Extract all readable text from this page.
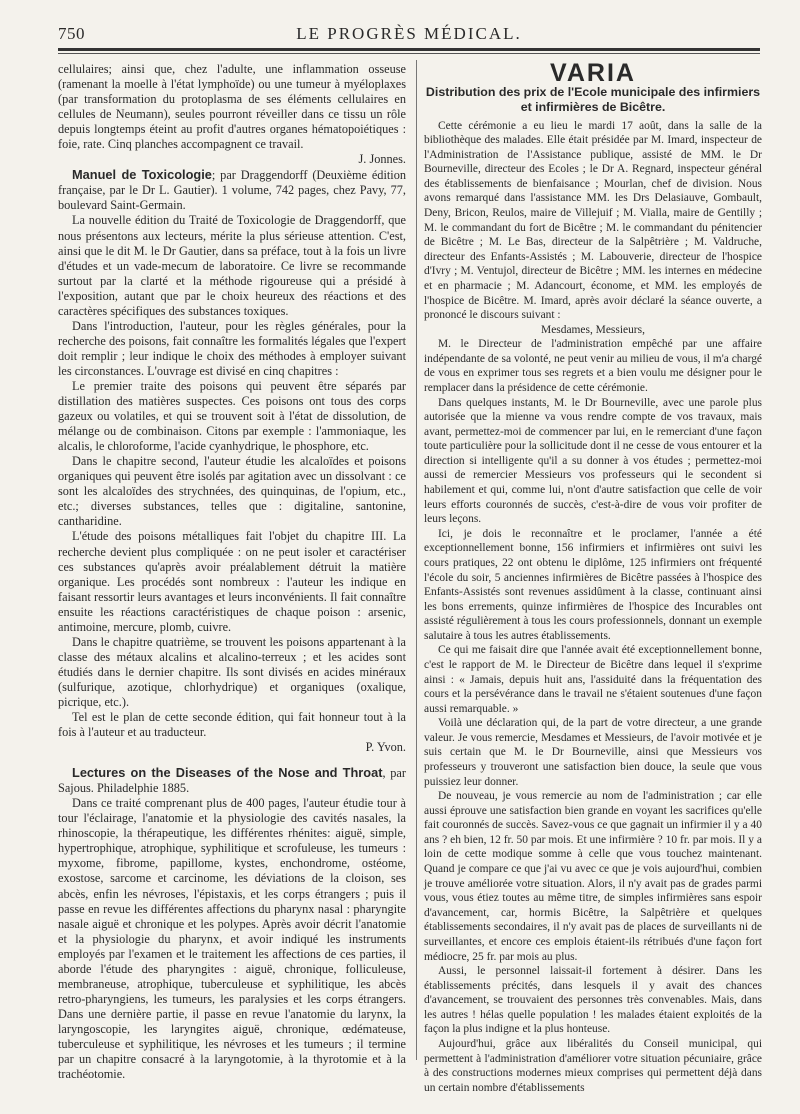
750	LE PROGRÈS MÉDICAL.

cellulaires; ainsi que, chez l'adulte, une inflammation osseuse (ramenant la moelle à l'état lymphoïde) ou une tumeur à myéloplaxes (par transformation du protoplasma de ses éléments cellulaires en cellules de Neumann), seules pourront réveiller dans ce tissu un rôle depuis longtemps éteint au profit d'autres organes hématopoiétiques : foie, rate. Cinq planches accompagnent ce travail.

J. Jonnes.

Manuel de Toxicologie; par Draggendorff (Deuxième édition française, par le Dr L. Gautier). 1 volume, 742 pages, chez Pavy, 77, boulevard Saint-Germain.

La nouvelle édition du Traité de Toxicologie de Draggendorff, que nous présentons aux lecteurs, mérite la plus sérieuse attention. C'est, ainsi que le dit M. le Dr Gautier, dans sa préface, tout à la fois un livre d'études et un vade-mecum de laboratoire. Ce livre se recommande surtout par la clarté et la méthode rigoureuse qui a présidé à l'exposition, autant que par le choix heureux des réactions et des caractères spécifiques des substances toxiques.

Dans l'introduction, l'auteur, pour les règles générales, pour la recherche des poisons, fait connaître les formalités légales que l'expert doit remplir ; leur indique le choix des méthodes à employer suivant les circonstances. L'ouvrage est divisé en cinq chapitres :

Le premier traite des poisons qui peuvent être séparés par distillation des matières suspectes. Ces poisons ont tous des corps gazeux ou volatiles, et qui se trouvent soit à l'état de dissolution, de mélange ou de combinaison. Citons par exemple : l'ammoniaque, les alcalis, le chloroforme, l'acide cyanhydrique, le phosphore, etc.

Dans le chapitre second, l'auteur étudie les alcaloïdes et poisons organiques qui peuvent être isolés par agitation avec un dissolvant : ce sont les alcaloïdes des strychnées, des quinquinas, de l'opium, etc., etc.; diverses substances, telles que : digitaline, santonine, cantharidine.

L'étude des poisons métalliques fait l'objet du chapitre III. La recherche devient plus compliquée : on ne peut isoler et caractériser ces substances qu'après avoir préalablement détruit la matière organique. Les procédés sont nombreux : l'auteur les indique en faisant ressortir leurs avantages et leurs inconvénients. Il fait connaître ensuite les réactions caractéristiques de chaque poison : arsenic, antimoine, mercure, plomb, cuivre.

Dans le chapitre quatrième, se trouvent les poisons appartenant à la classe des métaux alcalins et alcalino-terreux ; et les acides sont étudiés dans le dernier chapitre. Ils sont divisés en acides minéraux (sulfurique, azotique, chlorhydrique) et organiques (oxalique, picrique, etc.).

Tel est le plan de cette seconde édition, qui fait honneur tout à la fois à l'auteur et au traducteur.

P. Yvon.

Lectures on the Diseases of the Nose and Throat, par Sajous. Philadelphie 1885.

Dans ce traité comprenant plus de 400 pages, l'auteur étudie tour à tour l'éclairage, l'anatomie et la physiologie des cavités nasales, la rhinoscopie, la thérapeutique, les différentes rhénites: aiguë, simple, hypertrophique, atrophique, syphilitique et scrofuleuse, les tumeurs : myxome, fibrome, papillome, kystes, enchondrome, ostéome, exostose, sarcome et carcinome, les déviations de la cloison, ses abcès, enfin les névroses, l'épistaxis, et les corps étrangers ; puis il passe en revue les différentes affections du pharynx nasal : pharyngite nasale aiguë et chronique et les polypes. Après avoir décrit l'anatomie et la physiologie du pharynx, et avoir indiqué les instruments employés par l'examen et le traitement les affections de ces parties, il aborde l'étude des pharyngites : aiguë, chronique, folliculeuse, membraneuse, atrophique, tuberculeuse et syphilitique, les abcès retro-pharyngiens, les tumeurs, les paralysies et les corps étrangers. Dans une dernière partie, il passe en revue l'anatomie du larynx, la laryngoscopie, les laryngites aiguë, chronique, œdémateuse, tuberculeuse et syphilitique, les névroses et les tumeurs ; il termine par un chapitre consacré à la laryngotomie, à la thyrotomie et à la trachéotomie.

VARIA
Distribution des prix de l'Ecole municipale des infirmiers et infirmières de Bicêtre.

Cette cérémonie a eu lieu le mardi 17 août, dans la salle de la bibliothèque des malades. Elle était présidée par M. Imard, inspecteur de l'Administration de l'Assistance publique, assisté de MM. le Dr Bourneville, directeur des Ecoles ; le Dr A. Regnard, inspecteur général des établissements de bienfaisance ; Mourlan, chef de division. Nous avons remarqué dans l'assistance MM. les Drs Delasiauve, Gombault, Deny, Bricon, Reulos, maire de Villejuif ; M. Vialla, maire de Gentilly ; M. le commandant du fort de Bicêtre ; M. le commandant du pénitencier de Bicêtre ; M. Le Bas, directeur de la Salpêtrière ; M. Valdruche, directeur des Enfants-Assistés ; M. Labouverie, directeur de l'hospice d'Ivry ; M. Ventujol, directeur de Bicêtre ; MM. les internes en médecine et en pharmacie ; M. Adancourt, économe, et MM. les employés de l'hospice de Bicêtre. M. Imard, après avoir déclaré la séance ouverte, a prononcé le discours suivant :

Mesdames, Messieurs,

M. le Directeur de l'administration empêché par une affaire indépendante de sa volonté, ne peut venir au milieu de vous, il m'a chargé de vous en exprimer tous ses regrets et a bien voulu me désigner pour le remplacer dans la présidence de cette cérémonie.

Dans quelques instants, M. le Dr Bourneville, avec une parole plus autorisée que la mienne va vous rendre compte de vos travaux, mais avant, permettez-moi de commencer par lui, en le remerciant d'une façon toute particulière pour la sollicitude dont il ne cesse de vous entourer et la direction si intelligente qu'il a su donner à vos études ; permettez-moi aussi de remercier Messieurs vos professeurs qui le secondent si habilement et qui, comme lui, n'ont d'autre satisfaction que celle de voir leurs efforts couronnés de succès, c'est-à-dire de vous voir profiter de leurs leçons.

Ici, je dois le reconnaître et le proclamer, l'année a été exceptionnellement bonne, 156 infirmiers et infirmières ont suivi les cours pratiques, 22 ont obtenu le diplôme, 125 infirmiers ont fréquenté l'école du soir, 5 anciennes infirmières de Bicêtre passées à l'hospice des Enfants-Assistés sont revenues assidûment à la classe, continuant ainsi les bons errements, quinze infirmières de l'hospice des Incurables ont assisté régulièrement à tous les cours professionnels, donnant un exemple salutaire à tous les autres établissements.

Ce qui me faisait dire que l'année avait été exceptionnellement bonne, c'est le rapport de M. le Directeur de Bicêtre dans lequel il s'exprime ainsi : « Jamais, depuis huit ans, l'assiduité dans la fréquentation des cours et la persévérance dans le travail ne s'étaient soutenues d'une façon aussi remarquable. »

Voilà une déclaration qui, de la part de votre directeur, a une grande valeur. Je vous remercie, Mesdames et Messieurs, de l'avoir motivée et je suis certain que M. le Dr Bourneville, ainsi que Messieurs vos professeurs y trouveront une satisfaction bien douce, la seule que vous puissiez leur donner.

De nouveau, je vous remercie au nom de l'administration ; car elle aussi éprouve une satisfaction bien grande en voyant les sacrifices qu'elle fait couronnés de succès. Savez-vous ce que gagnait un infirmier il y a 40 ans ? eh bien, 12 fr. 50 par mois. Et une infirmière ? 10 fr. par mois. Il y a loin de cette modique somme à celle que vous touchez maintenant. Quand je compare ce que j'ai vu avec ce que je vois aujourd'hui, combien je trouve améliorée votre situation. Alors, il n'y avait pas de grades parmi vous, vous étiez toutes au même titre, de simples infirmières sans espoir d'avancement, car, hormis Bicêtre, la Salpêtrière et quelques établissements secondaires, il n'y avait pas de places de surveillants ni de surveillantes, et encore ces emplois étaient-ils rétribués d'une façon fort médiocre, 25 fr. par mois au plus.

Aussi, le personnel laissait-il fortement à désirer. Dans les établissements précités, dans lesquels il y avait des chances d'avancement, se trouvaient des personnes très convenables. Mais, dans les autres ! hélas quelle population ! les malades étaient exploités de la façon la plus indigne et la plus honteuse.

Aujourd'hui, grâce aux libéralités du Conseil municipal, qui permettent à l'administration d'améliorer votre situation pécuniaire, grâce à des constructions modernes mieux comprises qui permettent déjà dans un certain nombre d'établissements
